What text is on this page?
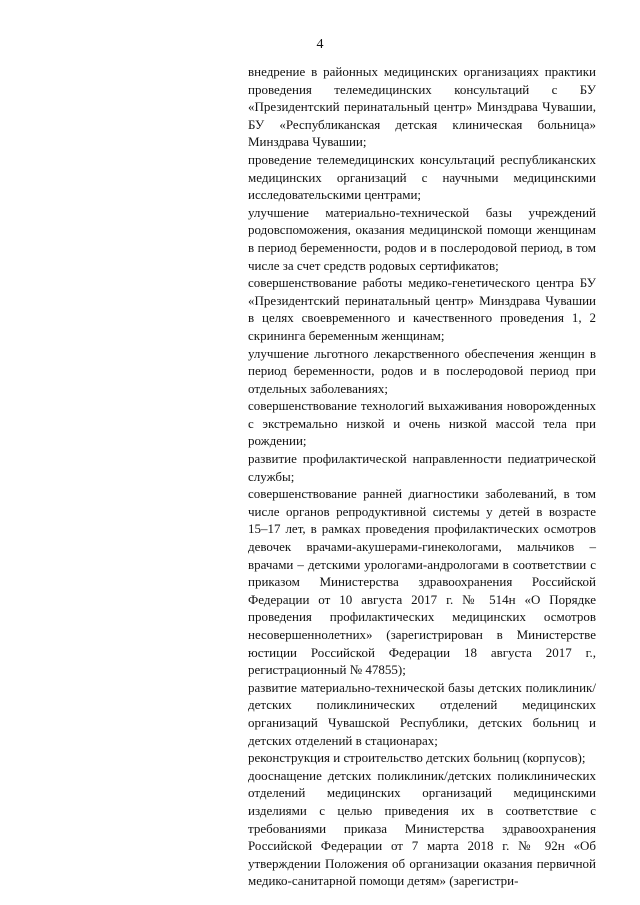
4

внедрение в районных медицинских организациях практики проведения телемедицинских консультаций с БУ «Президентский перинатальный центр» Минздрава Чувашии, БУ «Республиканская детская клиническая больница» Минздрава Чувашии;

проведение телемедицинских консультаций республиканских медицинских организаций с научными медицинскими исследовательскими центрами;

улучшение материально-технической базы учреждений родовспоможения, оказания медицинской помощи женщинам в период беременности, родов и в послеродовой период, в том числе за счет средств родовых сертификатов;

совершенствование работы медико-генетического центра БУ «Президентский перинатальный центр» Минздрава Чувашии в целях своевременного и качественного проведения 1, 2 скрининга беременным женщинам;

улучшение льготного лекарственного обеспечения женщин в период беременности, родов и в послеродовой период при отдельных заболеваниях;

совершенствование технологий выхаживания новорожденных с экстремально низкой и очень низкой массой тела при рождении;

развитие профилактической направленности педиатрической службы;

совершенствование ранней диагностики заболеваний, в том числе органов репродуктивной системы у детей в возрасте 15–17 лет, в рамках проведения профилактических осмотров девочек врачами-акушерами-гинекологами, мальчиков – врачами – детскими урологами-андрологами в соответствии с приказом Министерства здравоохранения Российской Федерации от 10 августа 2017 г. № 514н «О Порядке проведения профилактических медицинских осмотров несовершеннолетних» (зарегистрирован в Министерстве юстиции Российской Федерации 18 августа 2017 г., регистрационный № 47855);

развитие материально-технической базы детских поликлиник/детских поликлинических отделений медицинских организаций Чувашской Республики, детских больниц и детских отделений в стационарах;

реконструкция и строительство детских больниц (корпусов);

дооснащение детских поликлиник/детских поликлинических отделений медицинских организаций медицинскими изделиями с целью приведения их в соответствие с требованиями приказа Министерства здравоохранения Российской Федерации от 7 марта 2018 г. № 92н «Об утверждении Положения об организации оказания первичной медико-санитарной помощи детям» (зарегистри-
